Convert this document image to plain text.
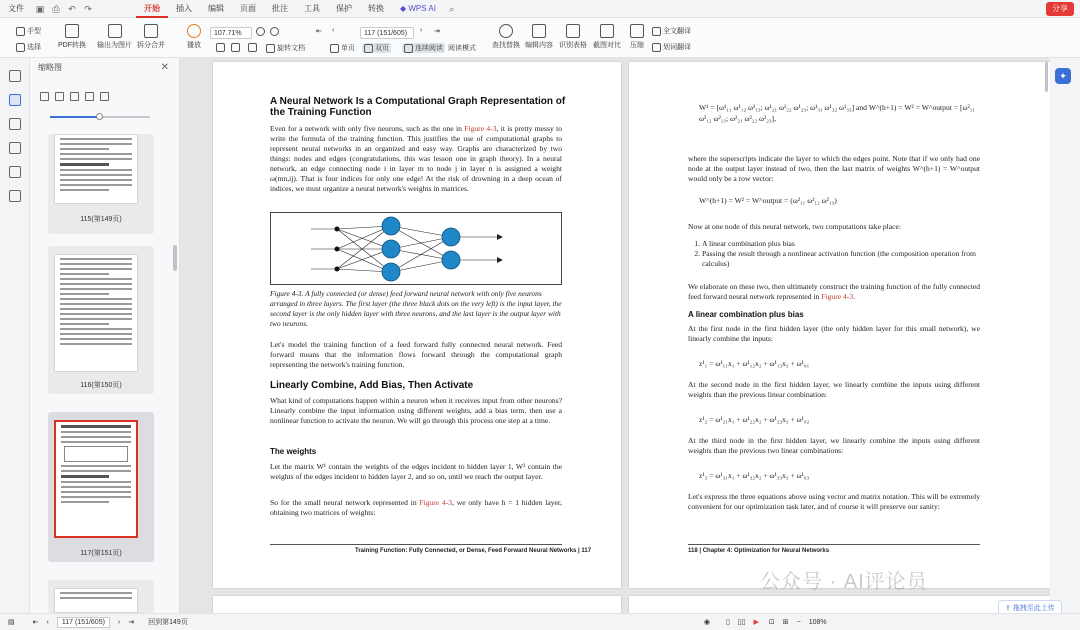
文件	▣ ⎙ ↶ ↷	开始	插入	编辑	页面	批注	工具	保护	转换	◆ WPS AI	⌕	分享
手型
选择 PDF转换 输出为图片 拆分合并	播放
107.71%
旋转文档
⇤ ‹	117 (151/605)	› ⇥
单页	双页	连续阅读 阅读模式 查找替换 编辑内容 识别表格 截图对比 压缩
全文翻译
划词翻译
缩略图	✕
115(第149页)
116(第150页)
117(第151页)
A Neural Network Is a Computational Graph Representation of the Training Function
Even for a network with only five neurons, such as the one in Figure 4-3, it is pretty messy to write the formula of the training function. This justifies the use of computational graphs to represent neural networks in an organized and easy way. Graphs are characterized by two things: nodes and edges (congratulations, this was lesson one in graph theory). In a neural network, an edge connecting node i in layer m to node j in layer n is assigned a weight ω(mn,ij). That is four indices for only one edge! At the risk of drowning in a deep ocean of indices, we must organize a neural network's weights in matrices.
Figure 4-3. A fully connected (or dense) feed forward neural network with only five neurons arranged in three layers. The first layer (the three black dots on the very left) is the input layer, the second layer is the only hidden layer with three neurons, and the last layer is the output layer with two neurons.
Let's model the training function of a feed forward fully connected neural network. Feed forward means that the information flows forward through the computational graph representing the network's training function.
Linearly Combine, Add Bias, Then Activate
What kind of computations happen within a neuron when it receives input from other neurons? Linearly combine the input information using different weights, add a bias term, then use a nonlinear function to activate the neuron. We will go through this process one step at a time.
The weights
Let the matrix W¹ contain the weights of the edges incident to hidden layer 1, W² contain the weights of the edges incident to hidden layer 2, and so on, until we reach the output layer.
So for the small neural network represented in Figure 4-3, we only have h = 1 hidden layer, obtaining two matrices of weights:
Training Function: Fully Connected, or Dense, Feed Forward Neural Networks | 117
W¹ = [ω¹₁₁ ω¹₁₂ ω¹₁₃; ω¹₂₁ ω¹₂₂ ω¹₂₃; ω¹₃₁ ω¹₃₂ ω¹₃₃] and W^(h+1) = W² = W^output = [ω²₁₁ ω²₁₂ ω²₁₃; ω²₂₁ ω²₂₂ ω²₂₃],
where the superscripts indicate the layer to which the edges point. Note that if we only had one node at the output layer instead of two, then the last matrix of weights W^(h+1) = W^output would only be a row vector:
W^(h+1) = W² = W^output = (ω²₁₁ ω²₁₂ ω²₁₃)
Now at one node of this neural network, two computations take place:
1. A linear combination plus bias
2. Passing the result through a nonlinear activation function (the composition operation from calculus)
We elaborate on these two, then ultimately construct the training function of the fully connected feed forward neural network represented in Figure 4-3.
A linear combination plus bias
At the first node in the first hidden layer (the only hidden layer for this small network), we linearly combine the inputs:
z¹₁ = ω¹₁₁x₁ + ω¹₁₂x₂ + ω¹₁₃x₃ + ω¹₀₁
At the second node in the first hidden layer, we linearly combine the inputs using different weights than the previous linear combination:
z¹₂ = ω¹₂₁x₁ + ω¹₂₂x₂ + ω¹₂₃x₃ + ω¹₀₂
At the third node in the first hidden layer, we linearly combine the inputs using different weights than the previous two linear combinations:
z¹₃ = ω¹₃₁x₁ + ω¹₃₂x₂ + ω¹₃₃x₃ + ω¹₀₃
Let's express the three equations above using vector and matrix notation. This will be extremely convenient for our optimization task later, and of course it will preserve our sanity:
118 | Chapter 4: Optimization for Neural Networks
✦
公众号 · AI评论员
⇪ 拖拽至此上传
▤	⇤ ‹	117 (151/605)	› ⇥ 回到第149页	◉ ▯ ▯▯ ▶ ⊡ ⊞ − 108%
